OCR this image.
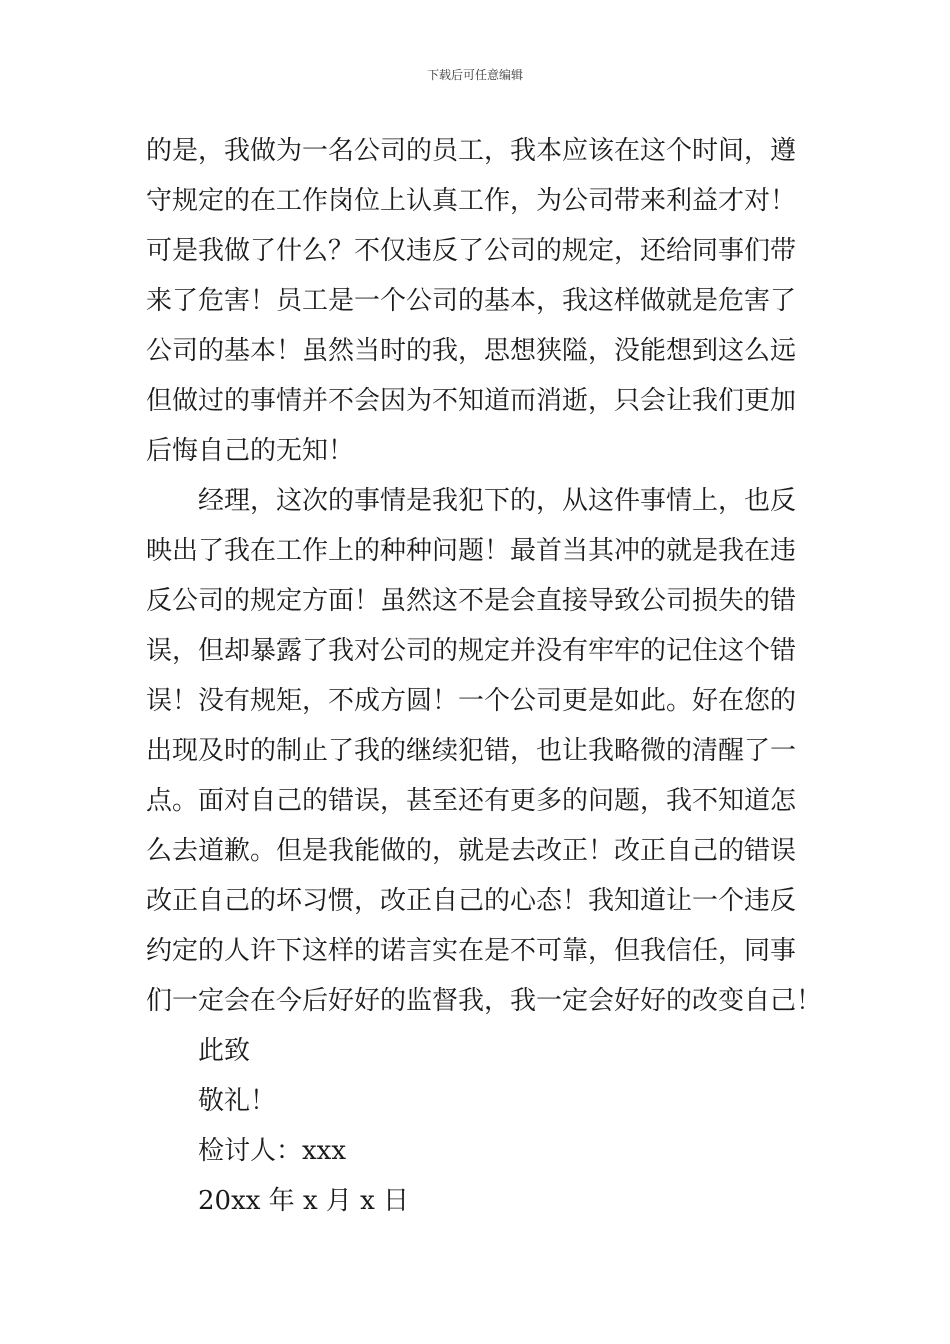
下载后可任意编辑
的是，我做为一名公司的员工，我本应该在这个时间，遵
守规定的在工作岗位上认真工作，为公司带来利益才对！
可是我做了什么？不仅违反了公司的规定，还给同事们带
来了危害！员工是一个公司的基本，我这样做就是危害了
公司的基本！虽然当时的我，思想狭隘，没能想到这么远
但做过的事情并不会因为不知道而消逝，只会让我们更加
后悔自己的无知！
经理，这次的事情是我犯下的，从这件事情上，也反
映出了我在工作上的种种问题！最首当其冲的就是我在违
反公司的规定方面！虽然这不是会直接导致公司损失的错
误，但却暴露了我对公司的规定并没有牢牢的记住这个错
误！没有规矩，不成方圆！一个公司更是如此。好在您的
出现及时的制止了我的继续犯错，也让我略微的清醒了一
点。面对自己的错误，甚至还有更多的问题，我不知道怎
么去道歉。但是我能做的，就是去改正！改正自己的错误
改正自己的坏习惯，改正自己的心态！我知道让一个违反
约定的人许下这样的诺言实在是不可靠，但我信任，同事
们一定会在今后好好的监督我，我一定会好好的改变自己！
此致
敬礼！
检讨人：xxx
20xx 年 x 月 x 日
